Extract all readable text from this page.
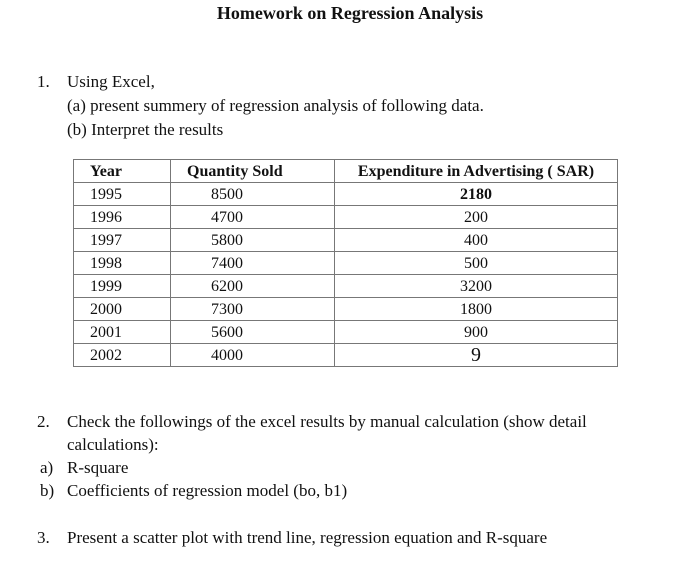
Homework on Regression Analysis
1. Using Excel,
(a) present summery of regression analysis of following data.
(b) Interpret the results
Year	Quantity Sold	Expenditure in Advertising ( SAR)
1995	8500	2180
1996	4700	200
1997	5800	400
1998	7400	500
1999	6200	3200
2000	7300	1800
2001	5600	900
2002	4000	9
2. Check the followings of the excel results by manual calculation (show detail
calculations):
a) R-square
b) Coefficients of regression model (bo, b1)
3. Present a scatter plot with trend line, regression equation and R-square
